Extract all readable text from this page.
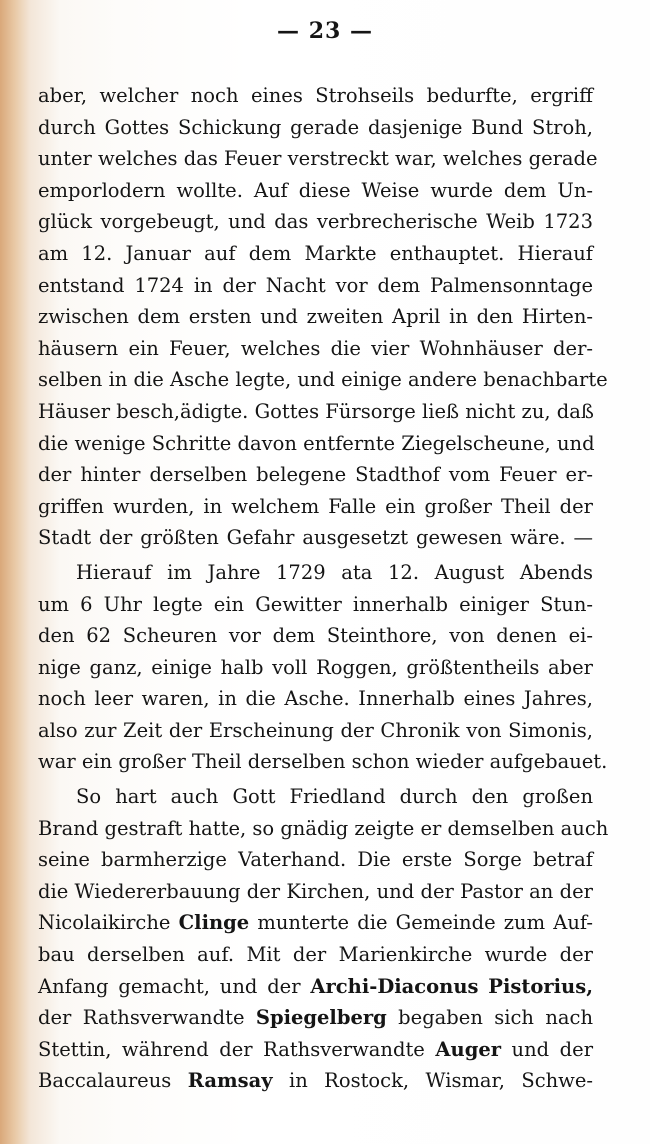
— 23 —
aber, welcher noch eines Strohseils bedurfte, ergriff
durch Gottes Schickung gerade dasjenige Bund Stroh,
unter welches das Feuer verstreckt war, welches gerade
emporlodern wollte. Auf diese Weise wurde dem Un-
glück vorgebeugt, und das verbrecherische Weib 1723
am 12. Januar auf dem Markte enthauptet. Hierauf
entstand 1724 in der Nacht vor dem Palmensonntage
zwischen dem ersten und zweiten April in den Hirten-
häusern ein Feuer, welches die vier Wohnhäuser der-
selben in die Asche legte, und einige andere benachbarte
Häuser besch,ädigte. Gottes Fürsorge ließ nicht zu, daß
die wenige Schritte davon entfernte Ziegelscheune, und
der hinter derselben belegene Stadthof vom Feuer er-
griffen wurden, in welchem Falle ein großer Theil der
Stadt der größten Gefahr ausgesetzt gewesen wäre. —
Hierauf im Jahre 1729 ata 12. August Abends
um 6 Uhr legte ein Gewitter innerhalb einiger Stun-
den 62 Scheuren vor dem Steinthore, von denen ei-
nige ganz, einige halb voll Roggen, größtentheils aber
noch leer waren, in die Asche. Innerhalb eines Jahres,
also zur Zeit der Erscheinung der Chronik von Simonis,
war ein großer Theil derselben schon wieder aufgebauet.
So hart auch Gott Friedland durch den großen
Brand gestraft hatte, so gnädig zeigte er demselben auch
seine barmherzige Vaterhand. Die erste Sorge betraf
die Wiedererbauung der Kirchen, und der Pastor an der
Nicolaikirche Clinge munterte die Gemeinde zum Auf-
bau derselben auf. Mit der Marienkirche wurde der
Anfang gemacht, und der Archi-Diaconus Pistorius,
der Rathsverwandte Spiegelberg begaben sich nach
Stettin, während der Rathsverwandte Auger und der
Baccalaureus Ramsay in Rostock, Wismar, Schwe-
